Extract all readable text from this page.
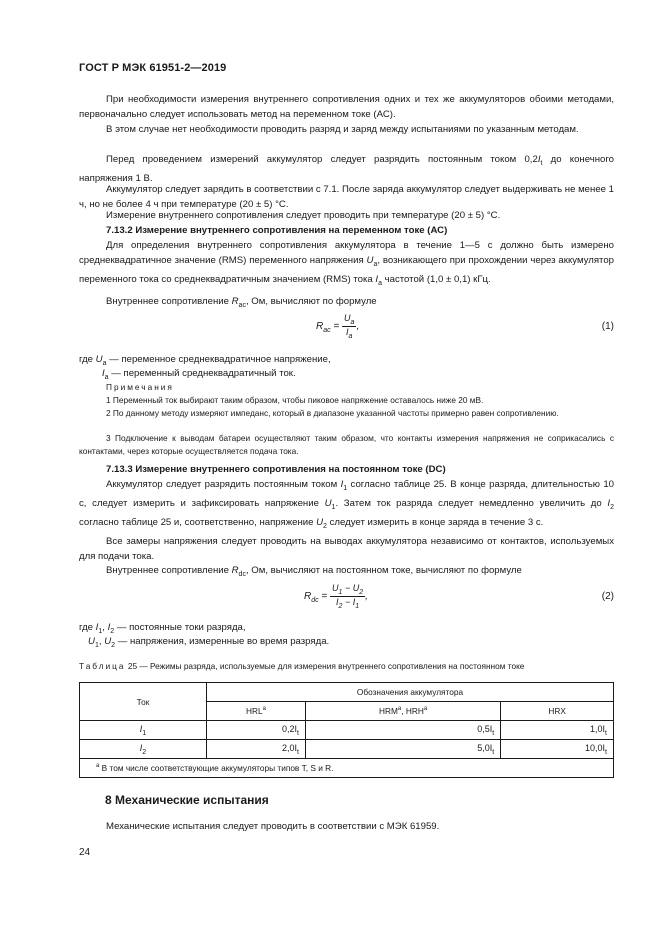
ГОСТ Р МЭК 61951-2—2019
При необходимости измерения внутреннего сопротивления одних и тех же аккумуляторов обоими методами, первоначально следует использовать метод на переменном токе (АС).
В этом случае нет необходимости проводить разряд и заряд между испытаниями по указанным методам.
Перед проведением измерений аккумулятор следует разрядить постоянным током $0,2I_t$ до конечного напряжения 1 В.
Аккумулятор следует зарядить в соответствии с 7.1. После заряда аккумулятор следует выдерживать не менее 1 ч, но не более 4 ч при температуре (20 ± 5) °С.
Измерение внутреннего сопротивления следует проводить при температуре (20 ± 5) °С.
7.13.2 Измерение внутреннего сопротивления на переменном токе (АС)
Для определения внутреннего сопротивления аккумулятора в течение 1—5 с должно быть измерено среднеквадратичное значение (RMS) переменного напряжения $U_a$, возникающего при прохождении через аккумулятор переменного тока со среднеквадратичным значением (RMS) тока $I_a$ частотой (1,0 ± 0,1) кГц.
Внутреннее сопротивление $R_{ac}$, Ом, вычисляют по формуле
$R_{ac} = \frac{U_a}{I_a}$ ,	(1)
где $U_a$ — переменное среднеквадратичное напряжение,
$I_a$ — переменный среднеквадратичный ток.
Примечания
1 Переменный ток выбирают таким образом, чтобы пиковое напряжение оставалось ниже 20 мВ.
2 По данному методу измеряют импеданс, который в диапазоне указанной частоты примерно равен сопротивлению.
3 Подключение к выводам батареи осуществляют таким образом, что контакты измерения напряжения не соприкасались с контактами, через которые осуществляется подача тока.
7.13.3 Измерение внутреннего сопротивления на постоянном токе (DC)
Аккумулятор следует разрядить постоянным током $I_1$ согласно таблице 25. В конце разряда, длительностью 10 с, следует измерить и зафиксировать напряжение $U_1$. Затем ток разряда следует немедленно увеличить до $I_2$ согласно таблице 25 и, соответственно, напряжение $U_2$ следует измерить в конце заряда в течение 3 с.
Все замеры напряжения следует проводить на выводах аккумулятора независимо от контактов, используемых для подачи тока.
Внутреннее сопротивление $R_{dc}$, Ом, вычисляют на постоянном токе, вычисляют по формуле
$R_{dc} = \frac{U_1 - U_2}{I_2 - I_1}$ ,	(2)
где $I_1$, $I_2$ — постоянные токи разряда,
$U_1$, $U_2$ — напряжения, измеренные во время разряда.
Таблица 25 — Режимы разряда, используемые для измерения внутреннего сопротивления на постоянном токе
Ток	Обозначения аккумулятора		
	HRL$^a$	HRM$^a$, HRH$^a$	HRX
$I_1$	$0,2I_t$	$0,5I_t$	$1,0I_t$
$I_2$	$2,0I_t$	$5,0I_t$	$10,0I_t$
$^a$ В том числе соответствующие аккумуляторы типов T, S и R.			
8 Механические испытания
Механические испытания следует проводить в соответствии с МЭК 61959.
24
